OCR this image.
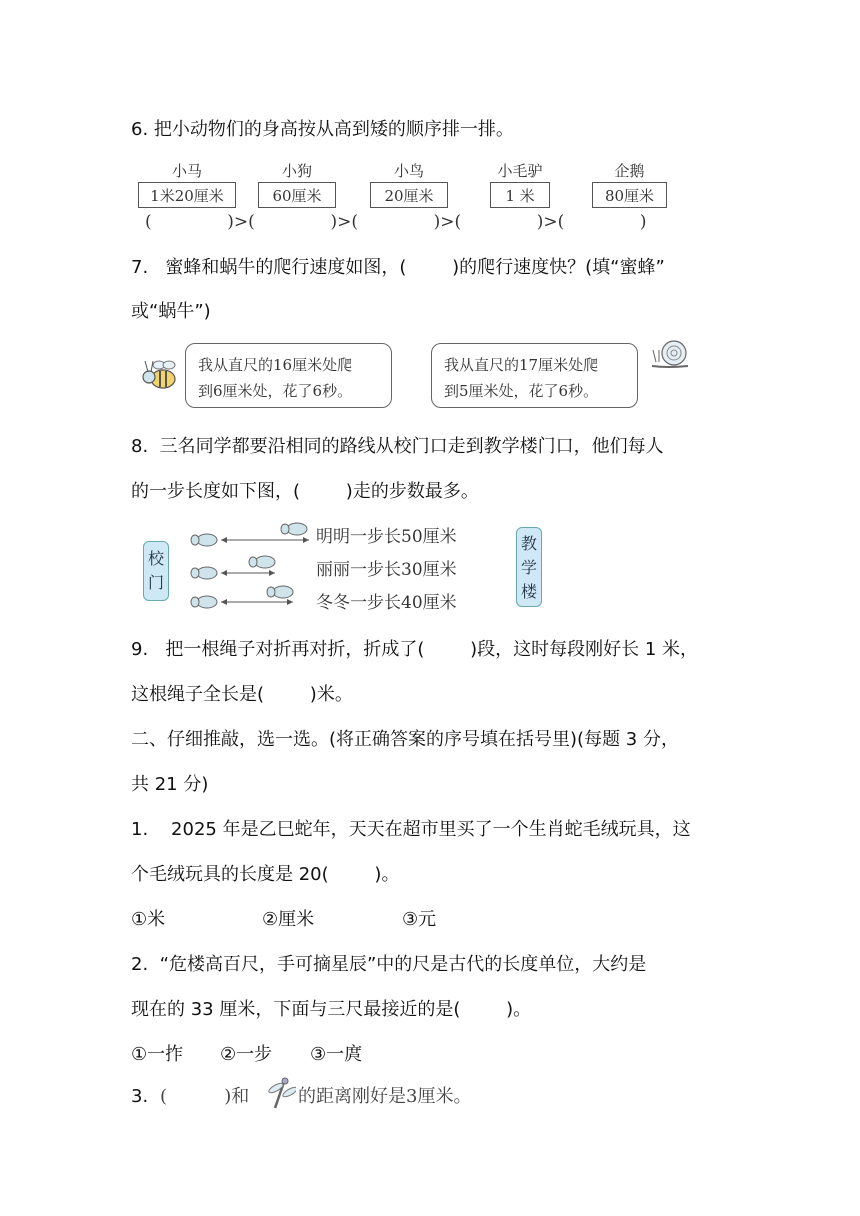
6. 把小动物们的身高按从高到矮的顺序排一排。
小马	小狗	小鸟	小毛驴	企鹅
1米20厘米	60厘米	20厘米	1 米	80厘米
(              )>(              )>(              )>(              )>(              )
7.   蜜蜂和蜗牛的爬行速度如图，(        )的爬行速度快？(填“蜜蜂”
或“蜗牛”)
我从直尺的16厘米处爬
到6厘米处，花了6秒。
我从直尺的17厘米处爬
到5厘米处，花了6秒。
8.  三名同学都要沿相同的路线从校门口走到教学楼门口，他们每人
的一步长度如下图，(        )走的步数最多。
校
门
教
学
楼
明明一步长50厘米
丽丽一步长30厘米
冬冬一步长40厘米
9.   把一根绳子对折再对折，折成了(        )段，这时每段刚好长 1 米，
这根绳子全长是(        )米。
二、仔细推敲，选一选。(将正确答案的序号填在括号里)(每题 3 分，
共 21 分)
1.    2025 年是乙巳蛇年，天天在超市里买了一个生肖蛇毛绒玩具，这
个毛绒玩具的长度是 20(        )。
①米	②厘米	③元
2.  “危楼高百尺，手可摘星辰”中的尺是古代的长度单位，大约是
现在的 33 厘米，下面与三尺最接近的是(        )。
①一拃 ②一步 ③一庹
3. (          )和	的距离刚好是3厘米。
